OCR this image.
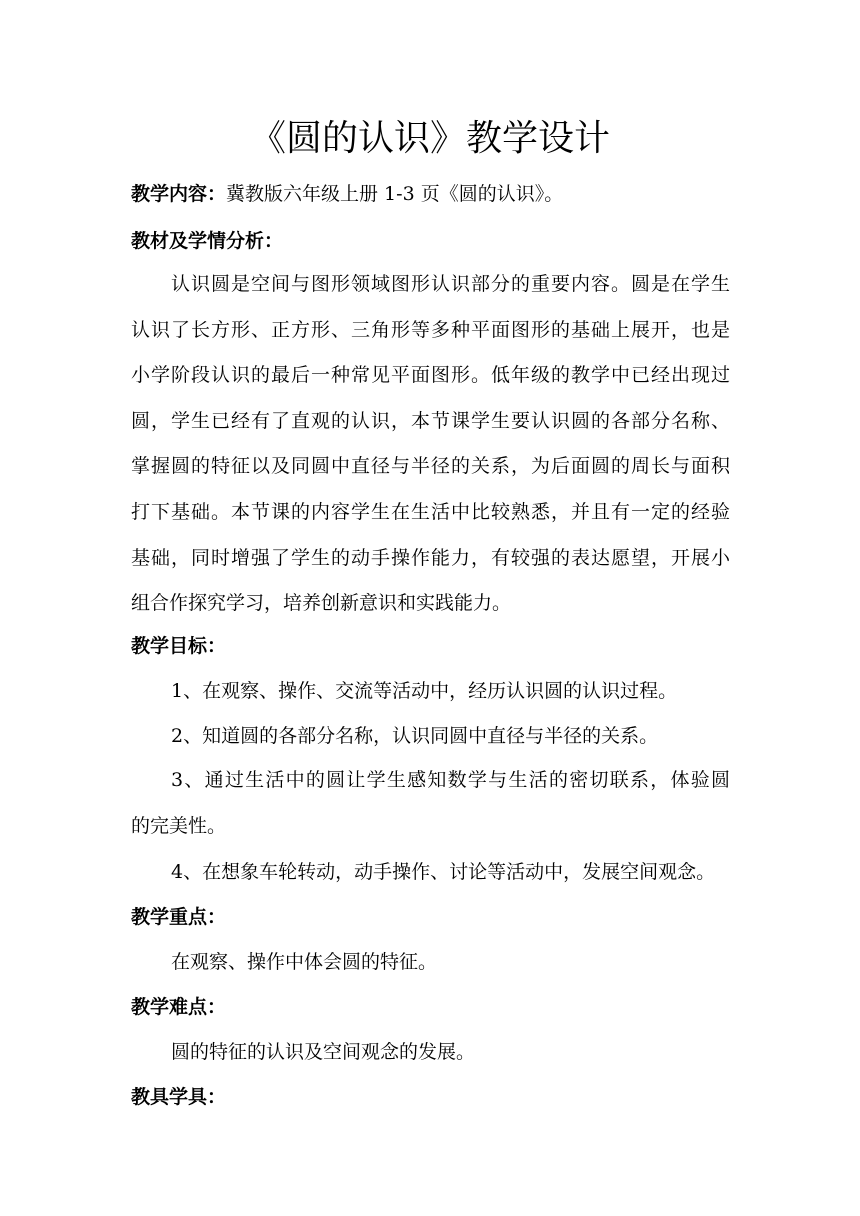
《圆的认识》教学设计
教学内容：冀教版六年级上册 1-3 页《圆的认识》。
教材及学情分析：
认识圆是空间与图形领域图形认识部分的重要内容。圆是在学生
认识了长方形、正方形、三角形等多种平面图形的基础上展开，也是
小学阶段认识的最后一种常见平面图形。低年级的教学中已经出现过
圆，学生已经有了直观的认识，本节课学生要认识圆的各部分名称、
掌握圆的特征以及同圆中直径与半径的关系，为后面圆的周长与面积
打下基础。本节课的内容学生在生活中比较熟悉，并且有一定的经验
基础，同时增强了学生的动手操作能力，有较强的表达愿望，开展小
组合作探究学习，培养创新意识和实践能力。
教学目标：
1、在观察、操作、交流等活动中，经历认识圆的认识过程。
2、知道圆的各部分名称，认识同圆中直径与半径的关系。
3、通过生活中的圆让学生感知数学与生活的密切联系，体验圆
的完美性。
4、在想象车轮转动，动手操作、讨论等活动中，发展空间观念。
教学重点：
在观察、操作中体会圆的特征。
教学难点：
圆的特征的认识及空间观念的发展。
教具学具：
